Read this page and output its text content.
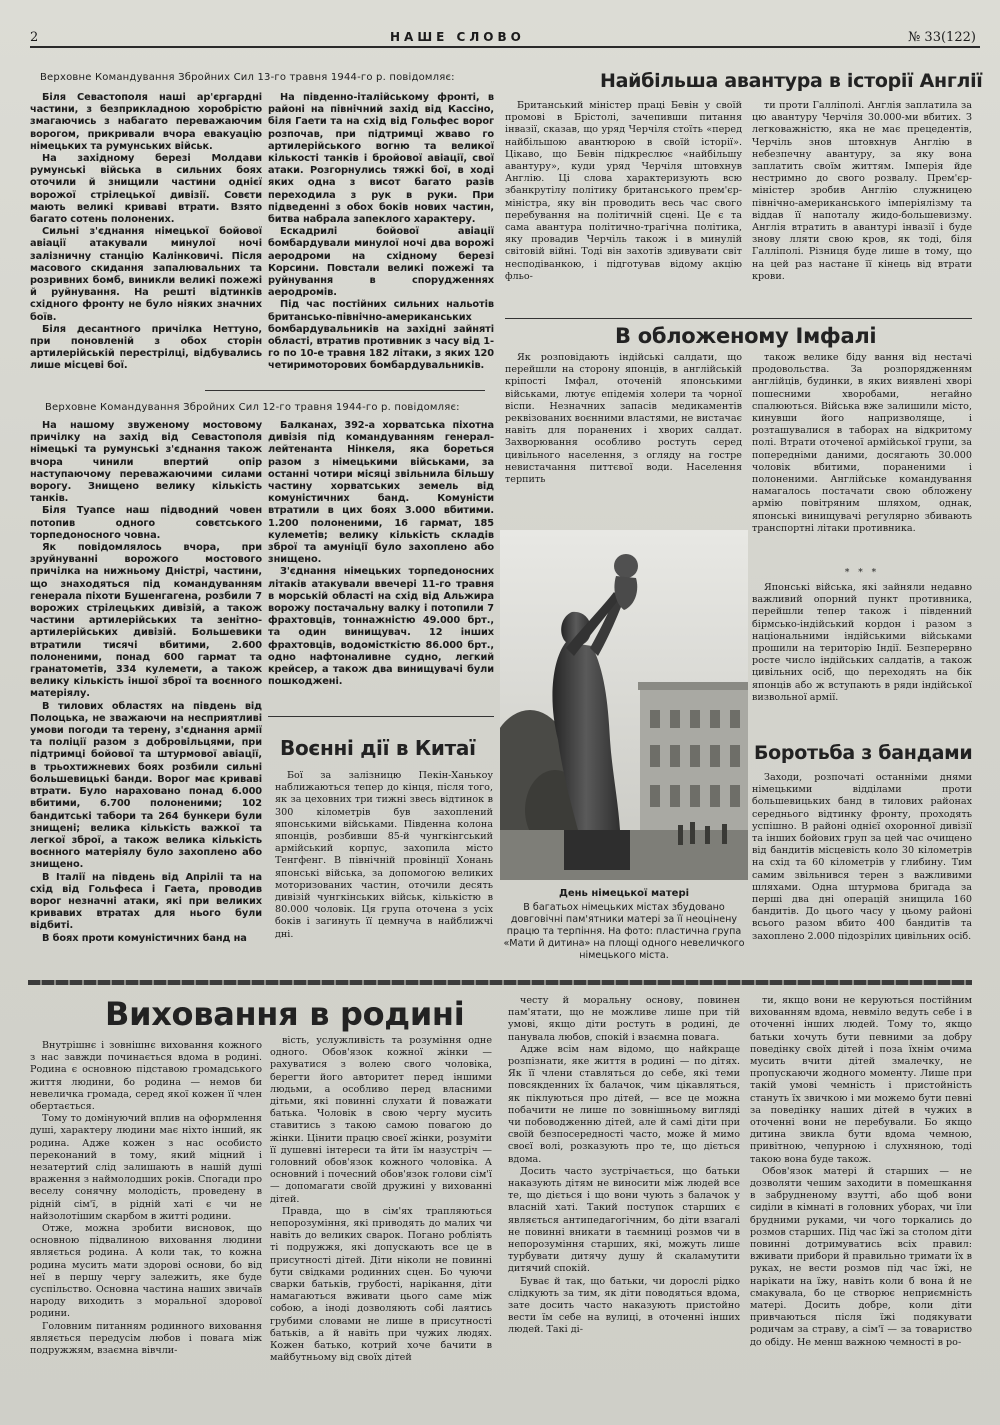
2	НАШЕ СЛОВО	№ 33(122)
Верховне Командування Збройних Сил 13-го травня 1944-го р. повідомляє:

Біля Севастополя наші ар'єргардні частини, з безприкладною хоробрістю змагаючись з набагато переважаючим ворогом, прикривали вчора евакуацію німецьких та румунських військ.

На західному березі Молдави румунські війська в сильних боях оточили й знищили частини однієї ворожої стрілецької дивізії. Совєти мають великі криваві втрати. Взято багато сотень полонених.

Сильні з'єднання німецької бойової авіації атакували минулої ночі залізничну станцію Калінковичі. Після масового скидання запалювальних та розривних бомб, виникли великі пожежі й руйнування. На решті відтинків східного фронту не було ніяких значних боїв.

Біля десантного причілка Неттуно, при поновленій з обох сторін артилерійській перестрілці, відбувались лише місцеві бої.

На південно-італійському фронті, в районі на північний захід від Кассіно, біля Гаети та на схід від Гольфес ворог розпочав, при підтримці жваво го артилерійського вогню та великої кількості танків і бройової авіації, свої атаки. Розгорнулись тяжкі бої, в ході яких одна з висот багато разів переходила з рук в руки. При підведенні з обох боків нових частин, битва набрала запеклого характеру.

Ескадрилі бойової авіації бомбардували минулої ночі два ворожі аеродроми на східному березі Корсини. Повстали великі пожежі та руйнування в спорудженнях аеродромів.

Під час постійних сильних нальотів британсько-північно-американських бомбардувальників на західні зайняті області, втратив противник з часу від 1-го по 10-е травня 182 літаки, з яких 120 четиримоторових бомбардувальників.

Верховне Командування Збройних Сил 12-го травня 1944-го р. повідомляє:

На нашому звуженому мостовому причілку на захід від Севастополя німецькі та румунські з'єднання також вчора чинили впертий опір наступаючому переважаючими силами ворогу. Знищено велику кількість танків.

Біля Туапсе наш підводний човен потопив одного совєтського торпедоносного човна.

Як повідомлялось вчора, при зруйнуванні ворожого мостового причілка на нижньому Дністрі, частини, що знаходяться під командуванням генерала піхоти Бушенгагена, розбили 7 ворожих стрілецьких дивізій, а також частини артилерійських та зенітно-артилерійських дивізій. Большевики втратили тисячі вбитими, 2.600 полоненими, понад 600 гармат та гранатометів, 334 кулемети, а також велику кількість іншої зброї та воєнного матеріялу.

В тилових областях на південь від Полоцька, не зважаючи на несприятливі умови погоди та терену, з'єднання армії та поліції разом з добровільцями, при підтримці бойової та штурмової авіації, в трьохтижневих боях розбили сильні большевицькі банди. Ворог має криваві втрати. Було нараховано понад 6.000 вбитими, 6.700 полоненими; 102 бандитські табори та 264 бункери були знищені; велика кількість важкої та легкої зброї, а також велика кількість воєнного матеріялу було захоплено або знищено.

В Італії на південь від Апріліі та на схід від Гольфеса і Гаета, проводив ворог незначні атаки, які при великих кривавих втратах для нього були відбиті.

В боях проти комуністичних банд на

Балканах, 392-а хорватська піхотна дивізія під командуванням генерал-лейтенанта Нінкеля, яка бореться разом з німецькими військами, за останні чотири місяці звільнила більшу частину хорватських земель від комуністичних банд. Комуністи втратили в цих боях 3.000 вбитими. 1.200 полоненими, 16 гармат, 185 кулеметів; велику кількість складів зброї та амуніції було захоплено або знищено.

З'єднання німецьких торпедоносних літаків атакували ввечері 11-го травня в морській області на схід від Альжира ворожу постачальну валку і потопили 7 фрахтовців, тоннажністю 49.000 брт., та один винищувач. 12 інших фрахтовців, водомісткістю 86.000 брт., одно нафтоналивне судно, легкий крейсер, а також два винищувачі були пошкоджені.

Воєнні дії в Китаї

Бої за залізницю Пекін-Ханькоу наближаються тепер до кінця, після того, як за цеховних три тижні звесь відтинок в 300 кілометрів був захоплений японськими військами. Південна колона японців, розбивши 85-й чунгкінгський армійський корпус, захопила місто Тенгфенг. В північній провінції Хонань японські війська, за допомогою великих моторизованих частин, оточили десять дивізій чунгкінських військ, кількістю в 80.000 чоловік. Ця група оточена з усіх боків і загинуть її цемнуча в найближчі дні.

Найбільша авантура в історії Англії

Британський міністер праці Бевін у своїй промові в Брістолі, зачепивши питання інвазії, сказав, що уряд Черчіля стоїть «перед найбільшою авантюрою в своїй історії». Цікаво, що Бевін підкреслює «найбільшу авантуру», куди уряд Черчіля штовхнув Англію. Ці слова характеризують всю збанкрутілу політику британського прем'єр-міністра, яку він проводить весь час свого перебування на політичній сцені. Це є та сама авантура політично-трагічна політика, яку провадив Черчіль також і в минулій світовій війні. Тоді він захотів здивувати світ несподіванкою, і підготував відому акцію фльо-

ти проти Галліполі. Англія заплатила за цю авантуру Черчіля 30.000-ми вбитих. З легковажністю, яка не має прецедентів, Черчіль знов штовхнув Англію в небезпечну авантуру, за яку вона заплатить своїм життям. Імперія йде нестримно до свого розвалу. Прем'єр-міністер зробив Англію служницею північно-американського імперіялізму та віддав її напоталу жидо-большевизму. Англія втратить в авантурі інвазії і буде знову лляти свою кров, як тоді, біля Галліполі. Різниця буде лише в тому, що на цей раз настане її кінець від втрати крови.

В обложеному Імфалі

Як розповідають індійські салдати, що перейшли на сторону японців, в англійській кріпості Імфал, оточеній японськими військами, лютує епідемія холери та чорної віспи. Незначних запасів медикаментів реквізованих воєнними властями, не вистачає навіть для поранених і хворих салдат. Захворювання особливо ростуть серед цивільного населення, з огляду на гостре невистачання питтєвої води. Населення терпить

також велике біду вання від нестачі продовольства. За розпорядженням англійців, будинки, в яких виявлені хворі пошесними хворобами, негайно спалюються. Війська вже залишили місто, кинувши його напризволяще, і розташувалися в таборах на відкритому полі. Втрати оточеної армійської групи, за попередніми даними, досягають 30.000 чоловік вбитими, пораненими і полоненими. Англійське командування намагалось постачати свою обложену армію повітряним шляхом, однак, японські винищувачі регулярно збивають транспортні літаки противника.

* * *

Японські війська, які зайняли недавно важливий опорний пункт противника, перейшли тепер також і південний бірмсько-індійський кордон і разом з національними індійськими військами прошили на територію Індії. Безперервно росте число індійських салдатів, а також цивільних осіб, що переходять на бік японців або ж вступають в ряди індійської визвольної армії.

День німецької матері
В багатьох німецьких містах збудовано довговічні пам'ятники матері за її неоцінену працю та терпіння. На фото: пластична група «Мати й дитина» на площі одного невеличкого німецького міста.
Боротьба з бандами

Заходи, розпочаті останніми днями німецькими відділами проти большевицьких банд в тилових районах середнього відтинку фронту, проходять успішно. В районі однієї охоронної дивізії та інших бойових груп за цей час очищено від бандитів місцевість коло 30 кілометрів на схід та 60 кілометрів у глибину. Тим самим звільнився терен з важливими шляхами. Одна штурмова бригада за перші два дні операцій знищила 160 бандитів. До цього часу у цьому районі всього разом вбито 400 бандитів та захоплено 2.000 підозрілих цивільних осіб.

Виховання в родині

Внутрішнє і зовнішнє виховання кожного з нас завжди починається вдома в родині. Родина є основною підставою громадського життя людини, бо родина — немов би невеличка громада, серед якої кожен її член обертається.

Тому то домінуючий вплив на оформлення душі, характеру людини має ніхто інший, як родина. Адже кожен з нас особисто переконаний в тому, який міцний і незатертий слід залишають в нашій душі враження з наймолодших років. Спогади про веселу сонячну молодість, проведену в рідній сім'ї, в рідній хаті є чи не найзолотішим скарбом в житті родини.

Отже, можна зробити висновок, що основною підвалиною виховання людини являється родина. А коли так, то кожна родина мусить мати здорові основи, бо від неї в першу чергу залежить, яке буде суспільство. Основна частина наших звичаїв народу виходить з моральної здорової родини.

Головним питанням родинного виховання являється передусім любов і повага між подружжям, взаємна вівчли-

вість, услужливість та розуміння одне одного. Обов'язок кожної жінки — рахуватися з волею свого чоловіка, берегти його авторитет перед іншими людьми, а особливо перед власними дітьми, які повинні слухати й поважати батька. Чоловік в свою чергу мусить ставитись з такою самою повагою до жінки. Цінити працю своєї жінки, розуміти її душевні інтереси та йти їм назустріч — головний обов'язок кожного чоловіка. А основний і почесний обов'язок голови сім'ї — допомагати своїй дружині у вихованні дітей.

Правда, що в сім'ях трапляються непорозуміння, які приводять до малих чи навіть до великих сварок. Погано робліять ті подружжя, які допускають все це в присутності дітей. Діти ніколи не повинні бути свідками родинних сцен. Бо чуючи сварки батьків, грубості, нарікання, діти намагаються вживати цього саме між собою, а іноді дозволяють собі лаятись грубими словами не лише в присутності батьків, а й навіть при чужих людях. Кожен батько, котрий хоче бачити в майбутньому від своїх дітей

честу й моральну основу, повинен пам'ятати, що не можливе лише при тій умові, якщо діти ростуть в родині, де панувала любов, спокій і взаємна повага.

Адже всім нам відомо, що найкраще розпізнати, яке життя в родині — по дітях. Як її члени ставляться до себе, які теми повсякденних їх балачок, чим цікавляться, як піклуються про дітей, — все це можна побачити не лише по зовнішньому вигляді чи побоводженню дітей, але й самі діти при своїй безпосередності часто, може й мимо своєї волі, розказують про те, що діється вдома.

Досить часто зустрічається, що батьки наказують дітям не виносити між людей все те, що діється і що вони чують з балачок у власній хаті. Такий поступок старших є являється антипедагогічним, бо діти взагалі не повинні вникати в таємниці розмов чи в непорозуміння старших, які, можуть лише турбувати дитячу душу й скаламутити дитячий спокій.

Буває й так, що батьки, чи дорослі рідко слідкують за тим, як діти поводяться вдома, зате досить часто наказують пристойно вести їм себе на вулиці, в оточенні інших людей. Такі ді-

ти, якщо вони не керуються постійним вихованням вдома, невміло ведуть себе і в оточенні інших людей. Тому то, якщо батьки хочуть бути певними за добру поведінку своїх дітей і поза їхнім очима мусить вчити дітей змалечку, не пропускаючи жодного моменту. Лише при такій умові чемність і пристойність стануть їх звичкою і ми можемо бути певні за поведінку наших дітей в чужих в оточенні вони не перебували. Бо якщо дитина звикла бути вдома чемною, привітною, чепурною і слухняною, тоді такою вона буде також.

Обов'язок матері й старших — не дозволяти чешим заходити в помешкання в забрудненому взутті, або щоб вони сиділи в кімнаті в головних уборах, чи їли брудними руками, чи чого торкались до розмов старших. Під час їжі за столом діти повинні дотримуватись всіх правил: вживати прибори й правильно тримати їх в руках, не вести розмов під час їжі, не нарікати на їжу, навіть коли б вона й не смакувала, бо це створює неприємність матері. Досить добре, коли діти привчаються після їжі подякувати родичам за страву, а сім'ї — за товариство до обіду. Не менш важною чемності в ро-
